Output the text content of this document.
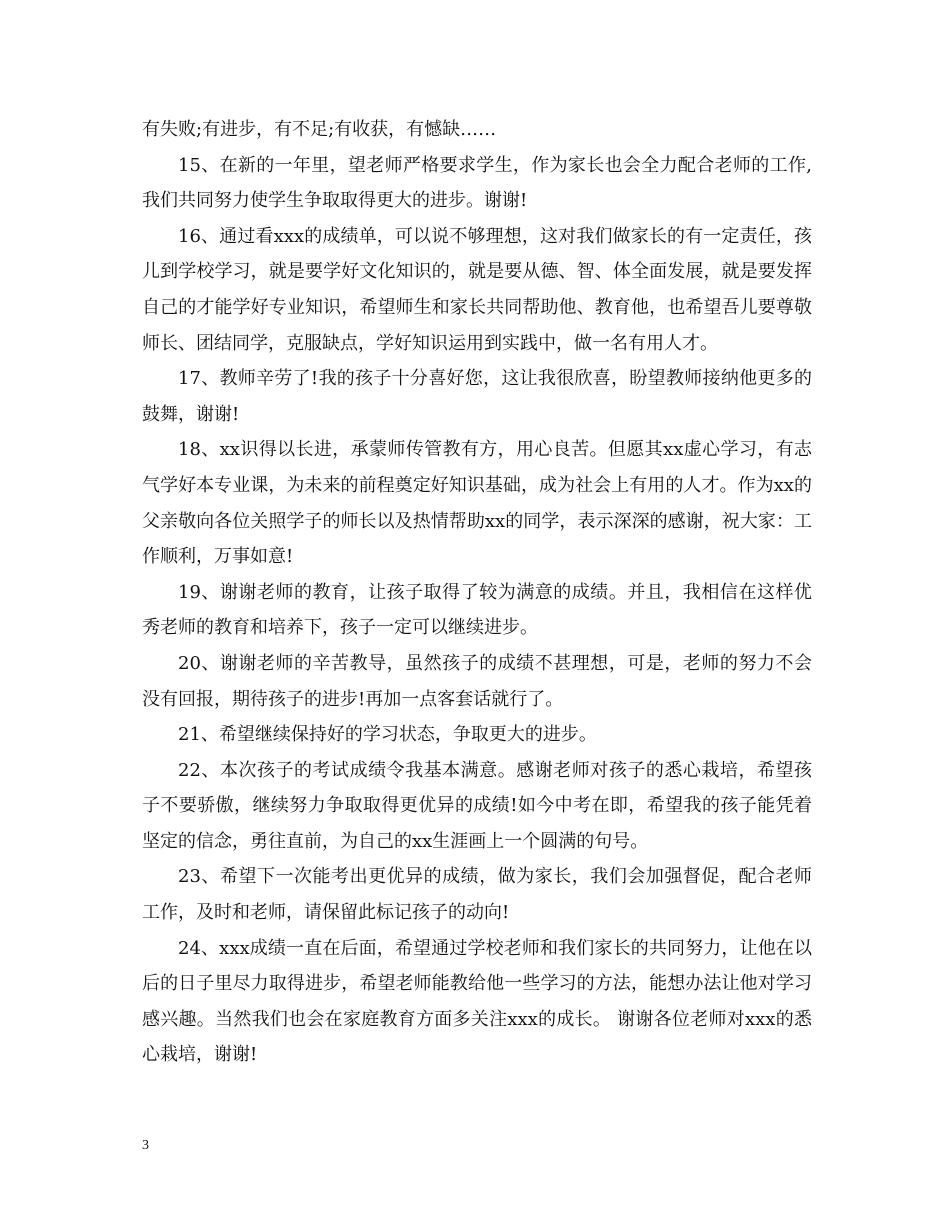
有失败;有进步，有不足;有收获，有憾缺……

15、在新的一年里，望老师严格要求学生，作为家长也会全力配合老师的工作,我们共同努力使学生争取取得更大的进步。谢谢!

16、通过看xxx的成绩单，可以说不够理想，这对我们做家长的有一定责任，孩儿到学校学习，就是要学好文化知识的，就是要从德、智、体全面发展，就是要发挥自己的才能学好专业知识，希望师生和家长共同帮助他、教育他，也希望吾儿要尊敬师长、团结同学，克服缺点，学好知识运用到实践中，做一名有用人才。

17、教师辛劳了!我的孩子十分喜好您，这让我很欣喜，盼望教师接纳他更多的鼓舞，谢谢!

18、xx识得以长进，承蒙师传管教有方，用心良苦。但愿其xx虚心学习，有志气学好本专业课，为未来的前程奠定好知识基础，成为社会上有用的人才。作为xx的父亲敬向各位关照学子的师长以及热情帮助xx的同学，表示深深的感谢，祝大家：工作顺利，万事如意!

19、谢谢老师的教育，让孩子取得了较为满意的成绩。并且，我相信在这样优秀老师的教育和培养下，孩子一定可以继续进步。

20、谢谢老师的辛苦教导，虽然孩子的成绩不甚理想，可是，老师的努力不会没有回报，期待孩子的进步!再加一点客套话就行了。

21、希望继续保持好的学习状态，争取更大的进步。

22、本次孩子的考试成绩令我基本满意。感谢老师对孩子的悉心栽培，希望孩子不要骄傲，继续努力争取取得更优异的成绩!如今中考在即，希望我的孩子能凭着坚定的信念，勇往直前，为自己的xx生涯画上一个圆满的句号。

23、希望下一次能考出更优异的成绩，做为家长，我们会加强督促，配合老师工作，及时和老师，请保留此标记孩子的动向!

24、xxx成绩一直在后面，希望通过学校老师和我们家长的共同努力，让他在以后的日子里尽力取得进步，希望老师能教给他一些学习的方法，能想办法让他对学习感兴趣。当然我们也会在家庭教育方面多关注xxx的成长。 谢谢各位老师对xxx的悉心栽培，谢谢!

3
